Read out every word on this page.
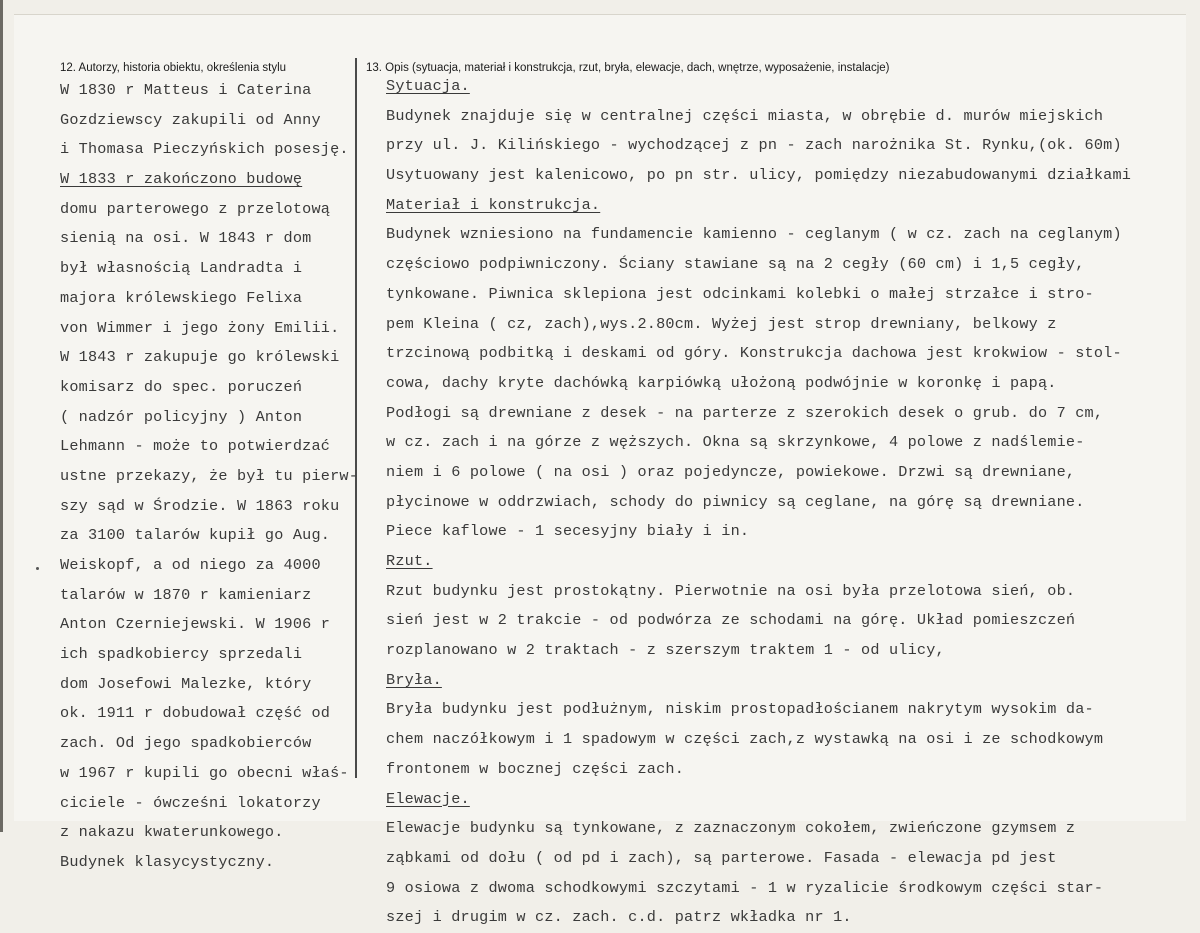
12. Autorzy, historia obiektu, określenia stylu	13. Opis (sytuacja, materiał i konstrukcja, rzut, bryła, elewacje, dach, wnętrze, wyposażenie, instalacje)
W 1830 r Matteus i Caterina
Gozdziewscy zakupili od Anny
i Thomasa Pieczyńskich posesję.
W 1833 r zakończono budowę
domu parterowego z przelotową
sienią na osi. W 1843 r dom
był własnością Landradta i
majora królewskiego Felixa
von Wimmer i jego żony Emilii.
W 1843 r zakupuje go królewski
komisarz do spec. poruczeń
( nadzór policyjny ) Anton
Lehmann - może to potwierdzać
ustne przekazy, że był tu pierw-
szy sąd w Środzie. W 1863 roku
za 3100 talarów kupił go Aug.
Weiskopf, a od niego za 4000
talarów w 1870 r kamieniarz
Anton Czerniejewski. W 1906 r
ich spadkobiercy sprzedali
dom Josefowi Malezke, który
ok. 1911 r dobudował część od
zach. Od jego spadkobierców
w 1967 r kupili go obecni właś-
ciciele - ówcześni lokatorzy
z nakazu kwaterunkowego.
Budynek klasycystyczny.
Sytuacja.
Budynek znajduje się w centralnej części miasta, w obrębie d. murów miejskich
przy ul. J. Kilińskiego - wychodzącej z pn - zach narożnika St. Rynku,(ok. 60m)
Usytuowany jest kalenicowo, po pn str. ulicy, pomiędzy niezabudowanymi działkami
Materiał i konstrukcja.
Budynek wzniesiono na fundamencie kamienno - ceglanym ( w cz. zach na ceglanym)
częściowo podpiwniczony. Ściany stawiane są na 2 cegły (60 cm) i 1,5 cegły,
tynkowane. Piwnica sklepiona jest odcinkami kolebki o małej strzałce i stro-
pem Kleina ( cz, zach),wys.2.80cm. Wyżej jest strop drewniany, belkowy z
trzcinową podbitką i deskami od góry. Konstrukcja dachowa jest krokwiow - stol-
cowa, dachy kryte dachówką karpiówką ułożoną podwójnie w koronkę i papą.
Podłogi są drewniane z desek - na parterze z szerokich desek o grub. do 7 cm,
w cz. zach i na górze z węższych. Okna są skrzynkowe, 4 polowe z nadślemie-
niem i 6 polowe ( na osi ) oraz pojedyncze, powiekowe. Drzwi są drewniane,
płycinowe w oddrzwiach, schody do piwnicy są ceglane, na górę są drewniane.
Piece kaflowe - 1 secesyjny biały i in.
Rzut.
Rzut budynku jest prostokątny. Pierwotnie na osi była przelotowa sień, ob.
sień jest w 2 trakcie - od podwórza ze schodami na górę. Układ pomieszczeń
rozplanowano w 2 traktach - z szerszym traktem 1 - od ulicy,
Bryła.
Bryła budynku jest podłużnym, niskim prostopadłościanem nakrytym wysokim da-
chem naczółkowym i 1 spadowym w części zach,z wystawką na osi i ze schodkowym
frontonem w bocznej części zach.
Elewacje.
Elewacje budynku są tynkowane, z zaznaczonym cokołem, zwieńczone gzymsem z
ząbkami od dołu ( od pd i zach), są parterowe. Fasada - elewacja pd jest
9 osiowa z dwoma schodkowymi szczytami - 1 w ryzalicie środkowym części star-
szej i drugim w cz. zach. c.d. patrz wkładka nr 1.
